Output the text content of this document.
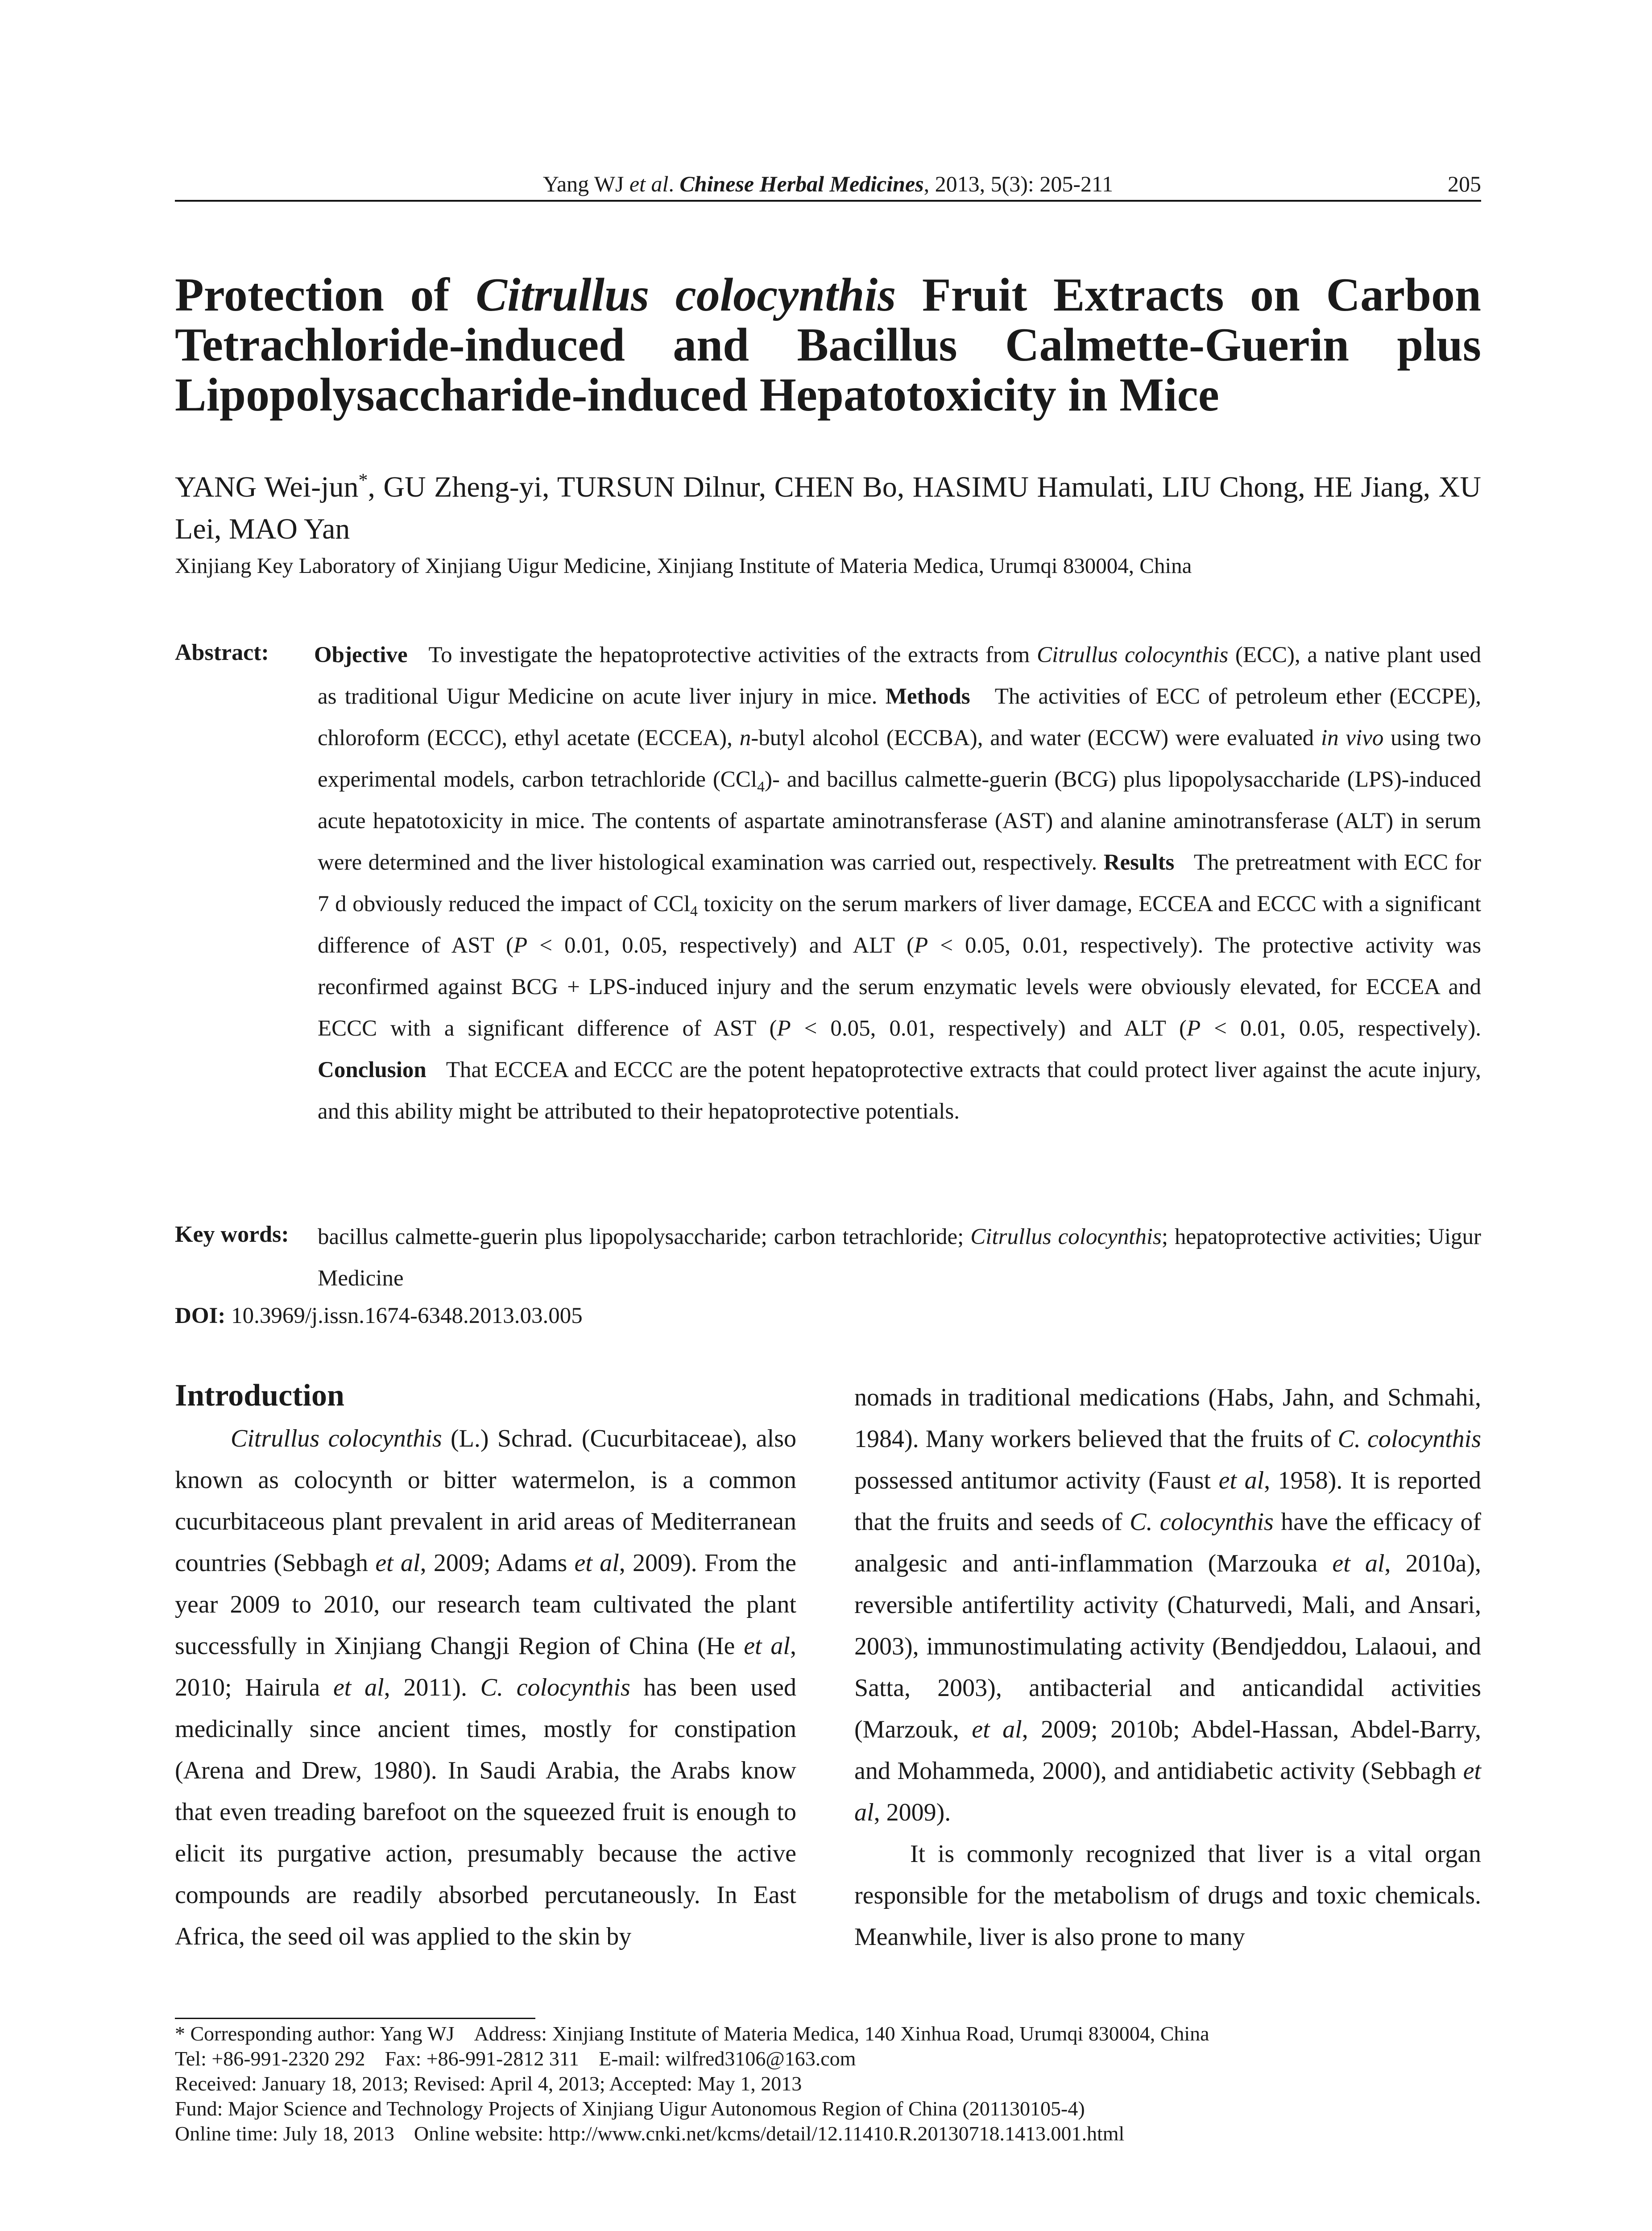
Yang WJ et al. Chinese Herbal Medicines, 2013, 5(3): 205-211	205
Protection of Citrullus colocynthis Fruit Extracts on Carbon
Tetrachloride-induced and Bacillus Calmette-Guerin plus
Lipopolysaccharide-induced Hepatotoxicity in Mice
YANG Wei-jun*, GU Zheng-yi, TURSUN Dilnur, CHEN Bo, HASIMU Hamulati, LIU Chong, HE Jiang, XU Lei, MAO Yan
Xinjiang Key Laboratory of Xinjiang Uigur Medicine, Xinjiang Institute of Materia Medica, Urumqi 830004, China
Abstract: Objective To investigate the hepatoprotective activities of the extracts from Citrullus colocynthis (ECC), a native plant used as traditional Uigur Medicine on acute liver injury in mice. Methods The activities of ECC of petroleum ether (ECCPE), chloroform (ECCC), ethyl acetate (ECCEA), n-butyl alcohol (ECCBA), and water (ECCW) were evaluated in vivo using two experimental models, carbon tetrachloride (CCl$_4$)- and bacillus calmette-guerin (BCG) plus lipopolysaccharide (LPS)-induced acute hepatotoxicity in mice. The contents of aspartate aminotransferase (AST) and alanine aminotransferase (ALT) in serum were determined and the liver histological examination was carried out, respectively. Results The pretreatment with ECC for 7 d obviously reduced the impact of CCl$_4$ toxicity on the serum markers of liver damage, ECCEA and ECCC with a significant difference of AST (P < 0.01, 0.05, respectively) and ALT (P < 0.05, 0.01, respectively). The protective activity was reconfirmed against BCG + LPS-induced injury and the serum enzymatic levels were obviously elevated, for ECCEA and ECCC with a significant difference of AST (P < 0.05, 0.01, respectively) and ALT (P < 0.01, 0.05, respectively). Conclusion That ECCEA and ECCC are the potent hepatoprotective extracts that could protect liver against the acute injury, and this ability might be attributed to their hepatoprotective potentials.
Key words: bacillus calmette-guerin plus lipopolysaccharide; carbon tetrachloride; Citrullus colocynthis; hepatoprotective activities; Uigur Medicine
DOI: 10.3969/j.issn.1674-6348.2013.03.005
Introduction

Citrullus colocynthis (L.) Schrad. (Cucurbitaceae), also known as colocynth or bitter watermelon, is a common cucurbitaceous plant prevalent in arid areas of Mediterranean countries (Sebbagh et al, 2009; Adams et al, 2009). From the year 2009 to 2010, our research team cultivated the plant successfully in Xinjiang Changji Region of China (He et al, 2010; Hairula et al, 2011). C. colocynthis has been used medicinally since ancient times, mostly for constipation (Arena and Drew, 1980). In Saudi Arabia, the Arabs know that even treading barefoot on the squeezed fruit is enough to elicit its purgative action, presumably because the active compounds are readily absorbed percutaneously. In East Africa, the seed oil was applied to the skin by

nomads in traditional medications (Habs, Jahn, and Schmahi, 1984). Many workers believed that the fruits of C. colocynthis possessed antitumor activity (Faust et al, 1958). It is reported that the fruits and seeds of C. colocynthis have the efficacy of analgesic and anti-inflammation (Marzouka et al, 2010a), reversible antifertility activity (Chaturvedi, Mali, and Ansari, 2003), immunostimulating activity (Bendjeddou, Lalaoui, and Satta, 2003), antibacterial and anticandidal activities (Marzouk, et al, 2009; 2010b; Abdel-Hassan, Abdel-Barry, and Mohammeda, 2000), and antidiabetic activity (Sebbagh et al, 2009).

It is commonly recognized that liver is a vital organ responsible for the metabolism of drugs and toxic chemicals. Meanwhile, liver is also prone to many

* Corresponding author: Yang WJ Address: Xinjiang Institute of Materia Medica, 140 Xinhua Road, Urumqi 830004, China
Tel: +86-991-2320 292 Fax: +86-991-2812 311 E-mail: wilfred3106@163.com
Received: January 18, 2013; Revised: April 4, 2013; Accepted: May 1, 2013
Fund: Major Science and Technology Projects of Xinjiang Uigur Autonomous Region of China (201130105-4)
Online time: July 18, 2013 Online website: http://www.cnki.net/kcms/detail/12.11410.R.20130718.1413.001.html
